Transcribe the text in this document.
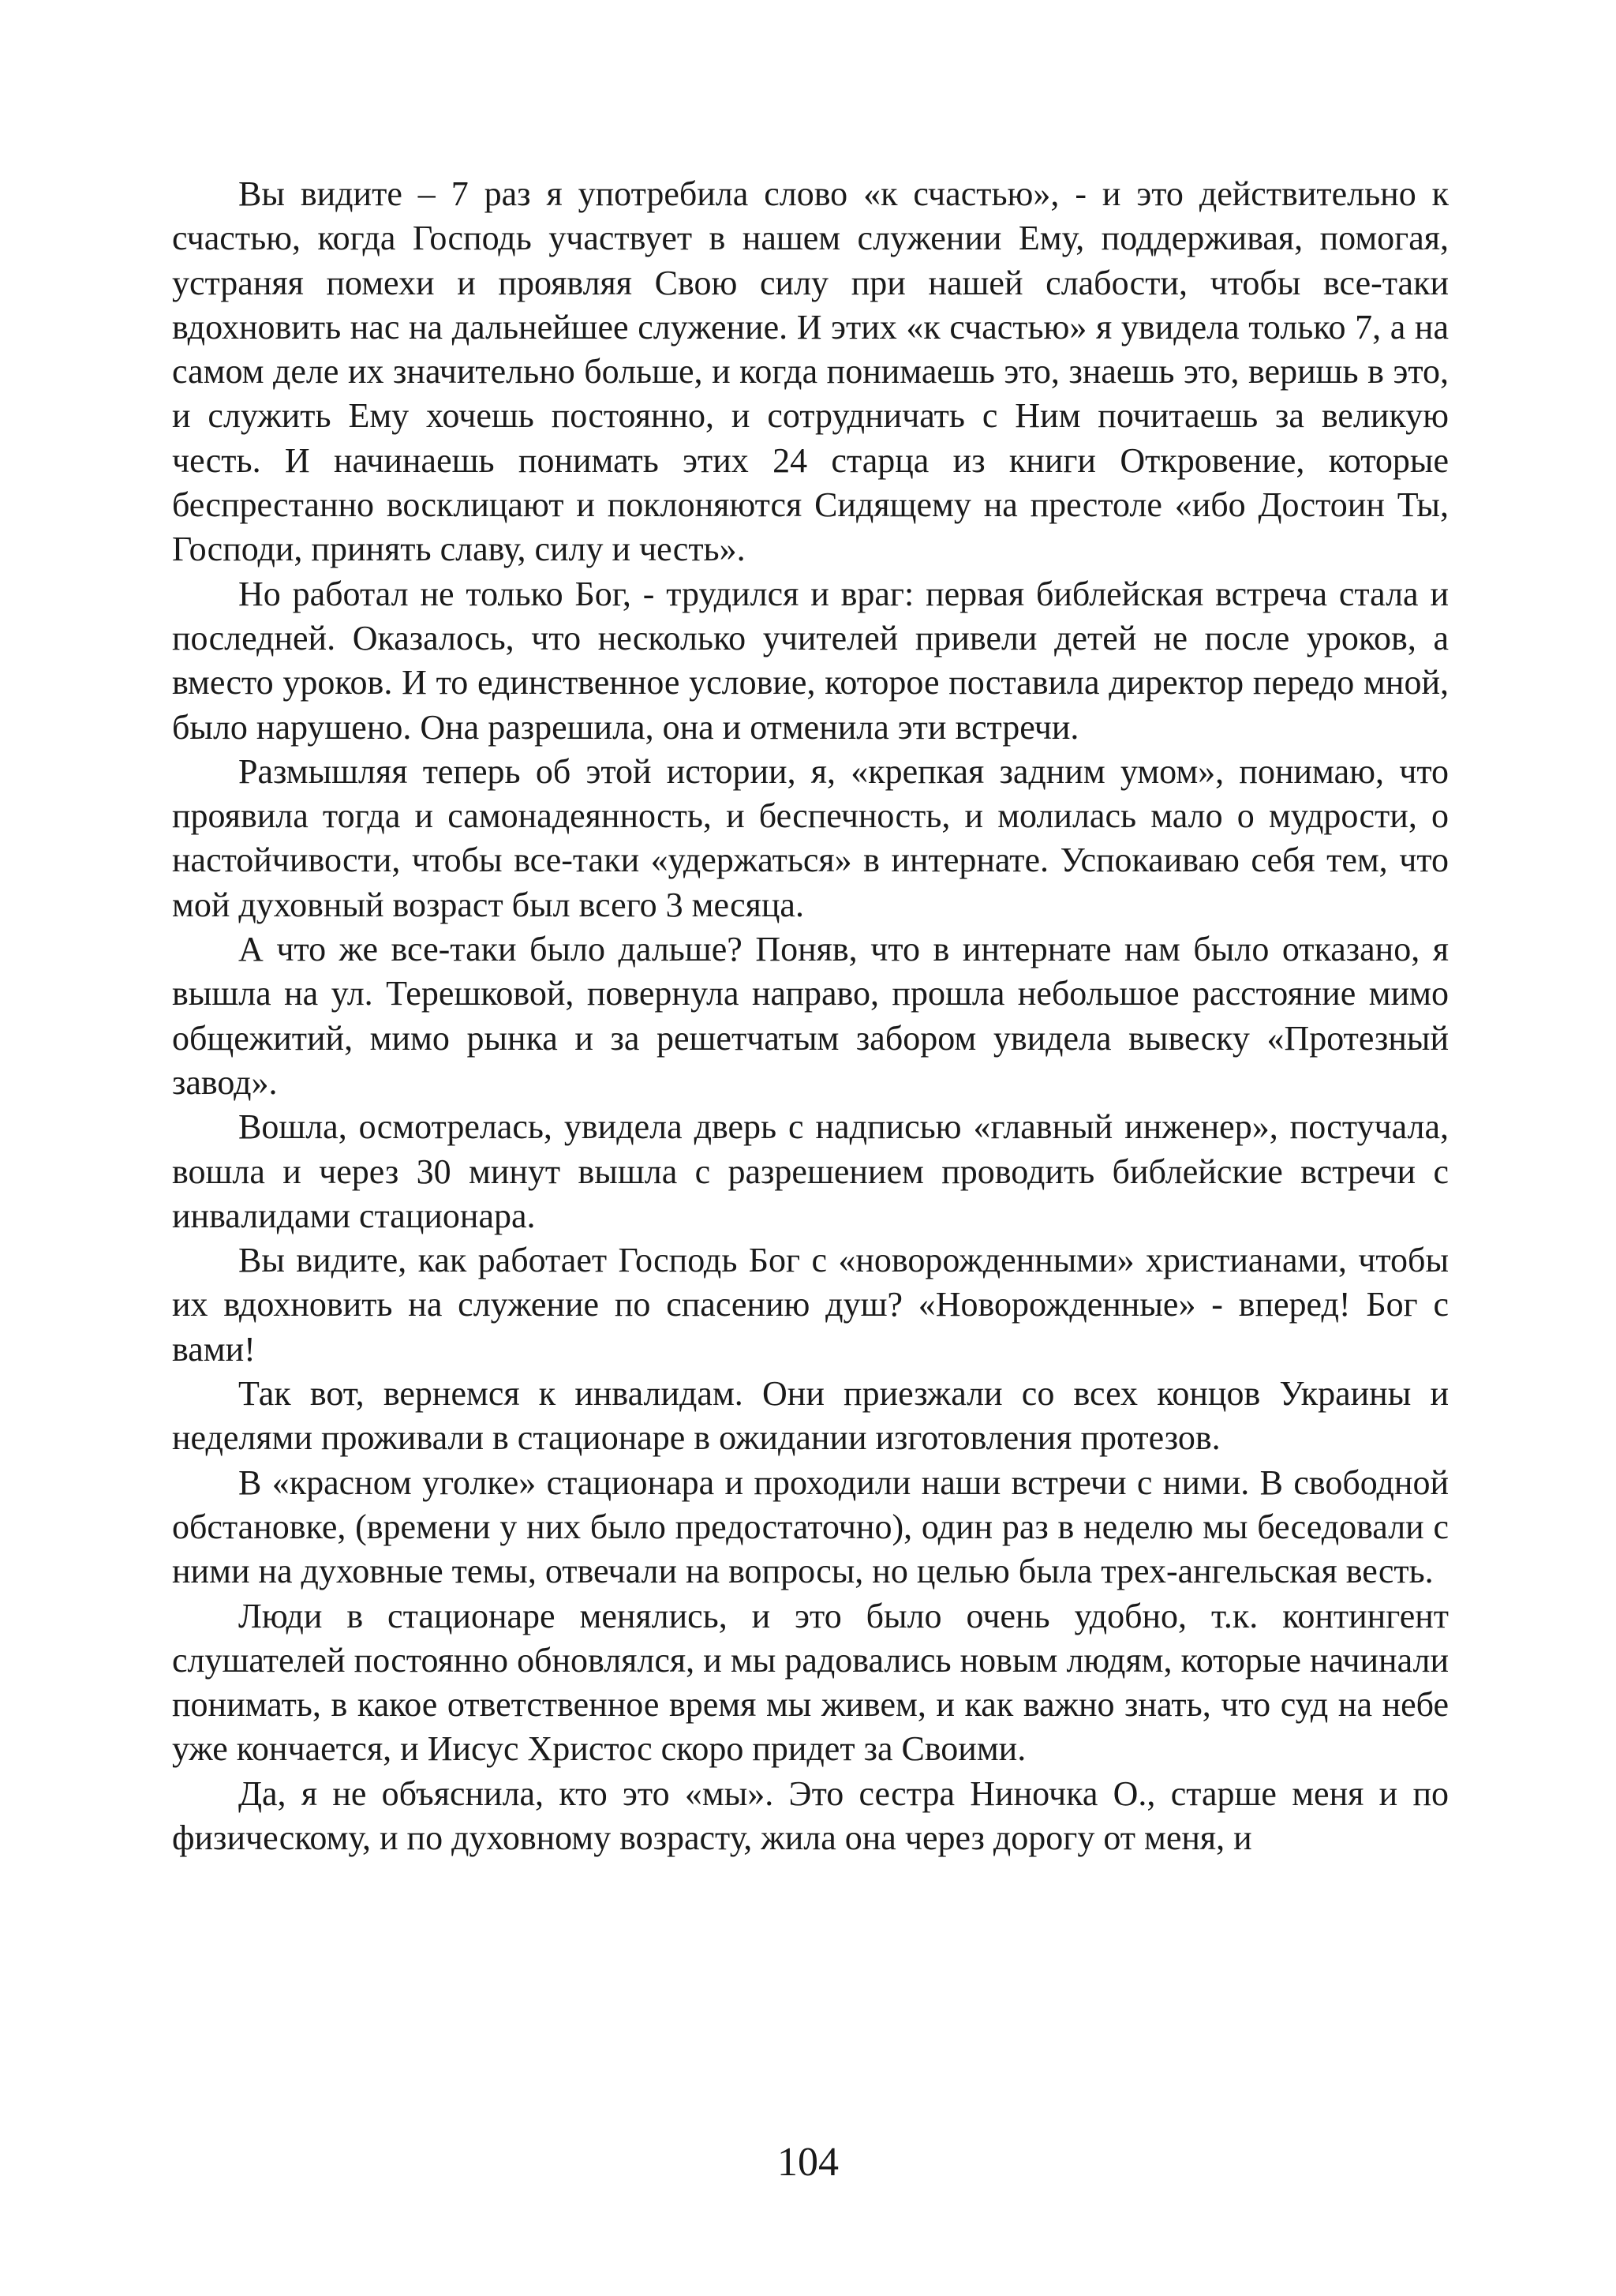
Вы видите – 7 раз я употребила слово «к счастью», - и это действительно к счастью, когда Господь участвует в нашем служении Ему, поддерживая, помогая, устраняя помехи и проявляя Свою силу при нашей слабости, чтобы все-таки вдохновить нас на дальнейшее служение. И этих «к счастью» я увидела только 7, а на самом деле их значительно больше, и когда понимаешь это, знаешь это, веришь в это, и служить Ему хочешь постоянно, и сотрудничать с Ним почитаешь за великую честь. И начинаешь понимать этих 24 старца из книги Откровение, которые беспрестанно восклицают и поклоняются Сидящему на престоле «ибо Достоин Ты, Господи, принять славу, силу и честь».

Но работал не только Бог, - трудился и враг: первая библейская встреча стала и последней. Оказалось, что несколько учителей привели детей не после уроков, а вместо уроков. И то единственное условие, которое поставила директор передо мной, было нарушено. Она разрешила, она и отменила эти встречи.

Размышляя теперь об этой истории, я, «крепкая задним умом», понимаю, что проявила тогда и самонадеянность, и беспечность, и молилась мало о мудрости, о настойчивости, чтобы все-таки «удержаться» в интернате. Успокаиваю себя тем, что мой духовный возраст был всего 3 месяца.

А что же все-таки было дальше? Поняв, что в интернате нам было отказано, я вышла на ул. Терешковой, повернула направо, прошла небольшое расстояние мимо общежитий, мимо рынка и за решетчатым забором увидела вывеску «Протезный завод».

Вошла, осмотрелась, увидела дверь с надписью «главный инженер», постучала, вошла и через 30 минут вышла с разрешением проводить библейские встречи с инвалидами стационара.

Вы видите, как работает Господь Бог с «новорожденными» христианами, чтобы их вдохновить на служение по спасению душ? «Новорожденные» - вперед! Бог с вами!

Так вот, вернемся к инвалидам. Они приезжали со всех концов Украины и неделями проживали в стационаре в ожидании изготовления протезов.

В «красном уголке» стационара и проходили наши встречи с ними. В свободной обстановке, (времени у них было предостаточно), один раз в неделю мы беседовали с ними на духовные темы, отвечали на вопросы, но целью была трех-ангельская весть.

Люди в стационаре менялись, и это было очень удобно, т.к. контингент слушателей постоянно обновлялся, и мы радовались новым людям, которые начинали понимать, в какое ответственное время мы живем, и как важно знать, что суд на небе уже кончается, и Иисус Христос скоро придет за Своими.

Да, я не объяснила, кто это «мы». Это сестра Ниночка О., старше меня и по физическому, и по духовному возрасту, жила она через дорогу от меня, и

104
